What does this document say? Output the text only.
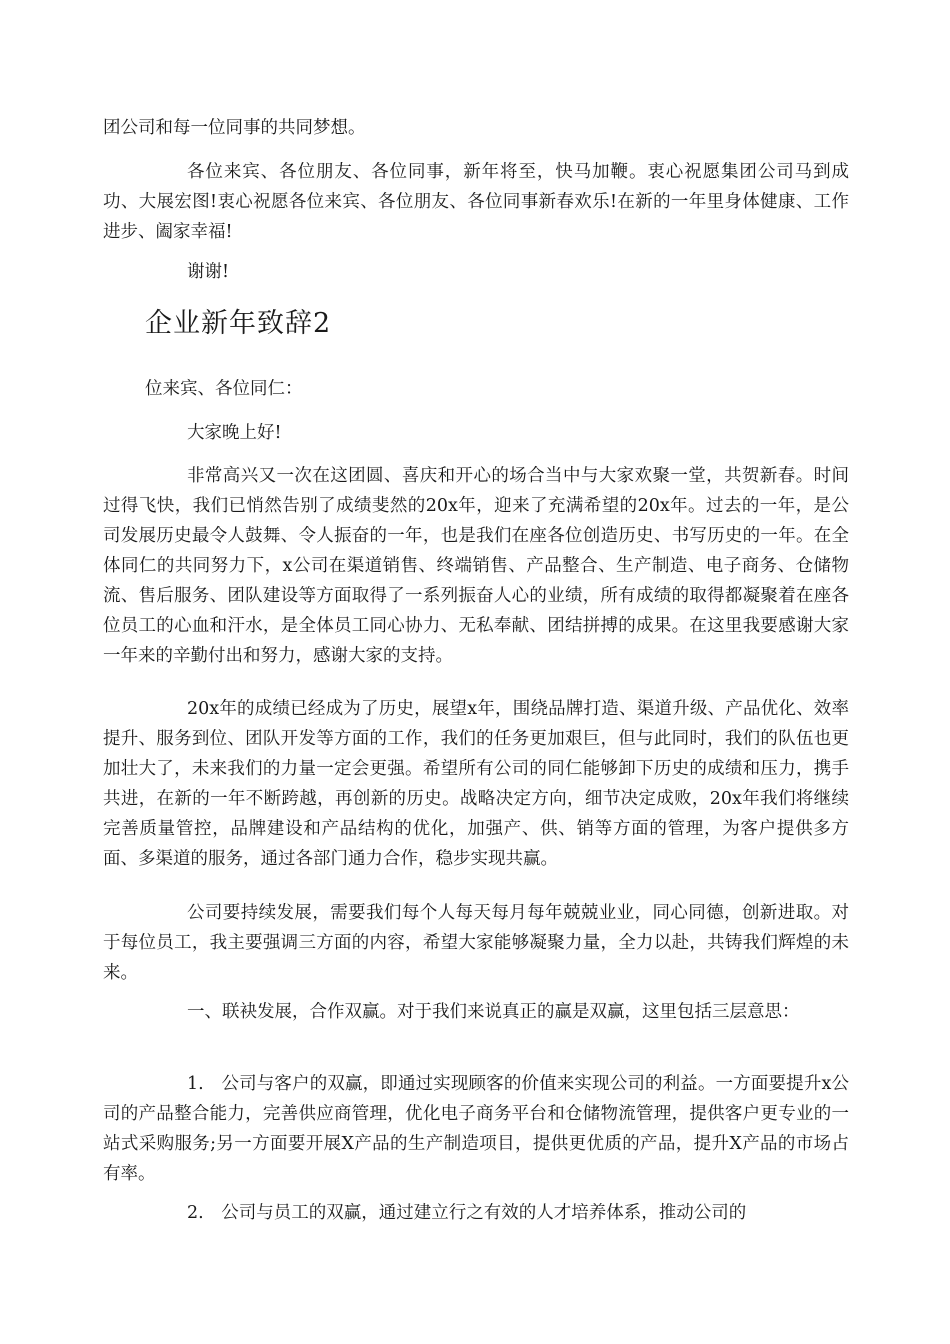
团公司和每一位同事的共同梦想。

各位来宾、各位朋友、各位同事，新年将至，快马加鞭。衷心祝愿集团公司马到成功、大展宏图!衷心祝愿各位来宾、各位朋友、各位同事新春欢乐!在新的一年里身体健康、工作进步、阖家幸福!

谢谢!

企业新年致辞2

位来宾、各位同仁：

大家晚上好!

非常高兴又一次在这团圆、喜庆和开心的场合当中与大家欢聚一堂，共贺新春。时间过得飞快，我们已悄然告别了成绩斐然的20x年，迎来了充满希望的20x年。过去的一年，是公司发展历史最令人鼓舞、令人振奋的一年，也是我们在座各位创造历史、书写历史的一年。在全体同仁的共同努力下，x公司在渠道销售、终端销售、产品整合、生产制造、电子商务、仓储物流、售后服务、团队建设等方面取得了一系列振奋人心的业绩，所有成绩的取得都凝聚着在座各位员工的心血和汗水，是全体员工同心协力、无私奉献、团结拼搏的成果。在这里我要感谢大家一年来的辛勤付出和努力，感谢大家的支持。

20x年的成绩已经成为了历史，展望x年，围绕品牌打造、渠道升级、产品优化、效率提升、服务到位、团队开发等方面的工作，我们的任务更加艰巨，但与此同时，我们的队伍也更加壮大了，未来我们的力量一定会更强。希望所有公司的同仁能够卸下历史的成绩和压力，携手共进，在新的一年不断跨越，再创新的历史。战略决定方向，细节决定成败，20x年我们将继续完善质量管控，品牌建设和产品结构的优化，加强产、供、销等方面的管理，为客户提供多方面、多渠道的服务，通过各部门通力合作，稳步实现共赢。

公司要持续发展，需要我们每个人每天每月每年兢兢业业，同心同德，创新进取。对于每位员工，我主要强调三方面的内容，希望大家能够凝聚力量，全力以赴，共铸我们辉煌的未来。

一、联袂发展，合作双赢。对于我们来说真正的赢是双赢，这里包括三层意思：

1.　公司与客户的双赢，即通过实现顾客的价值来实现公司的利益。一方面要提升x公司的产品整合能力，完善供应商管理，优化电子商务平台和仓储物流管理，提供客户更专业的一站式采购服务;另一方面要开展X产品的生产制造项目，提供更优质的产品，提升X产品的市场占有率。

2.　公司与员工的双赢，通过建立行之有效的人才培养体系，推动公司的
